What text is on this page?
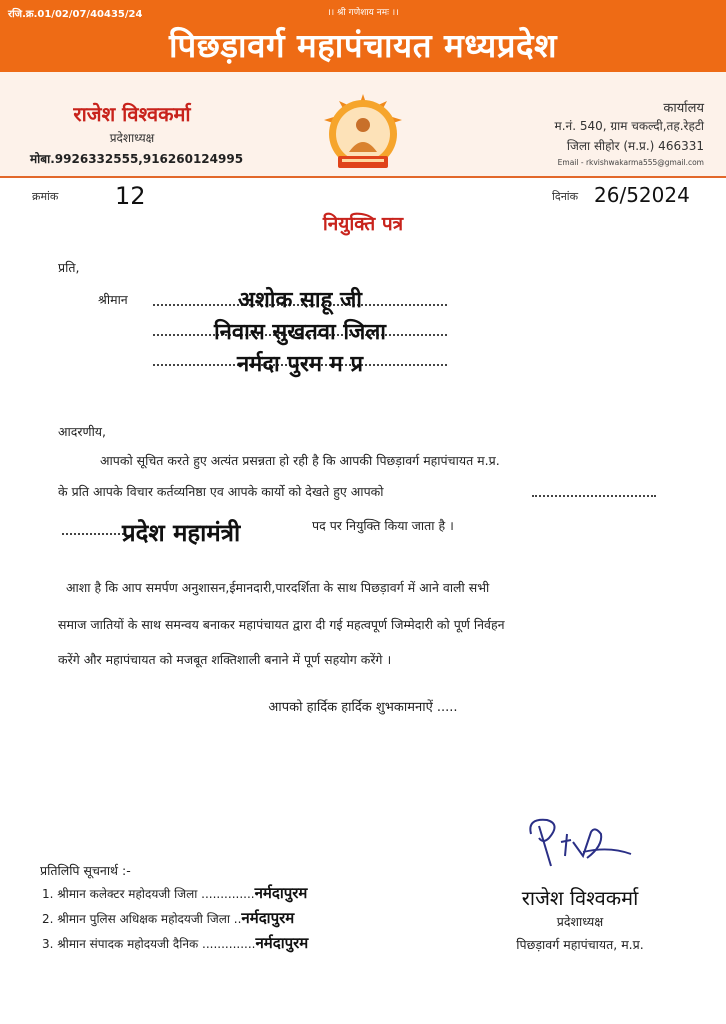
रजि.क्र.01/02/07/40435/24	।। श्री गणेशाय नमः ।।
पिछड़ावर्ग महापंचायत मध्यप्रदेश
राजेश विश्वकर्मा
प्रदेशाध्यक्ष
मोबा.9926332555,916260124995
कार्यालय
म.नं. 540, ग्राम चकल्दी,तह.रेहटी
जिला सीहोर (म.प्र.) 466331
Email - rkvishwakarma555@gmail.com
क्रमांक 12	दिनांक 26/52024
नियुक्ति पत्र
प्रति,
श्रीमान	अशोक साहू जी
निवास सुखतवा जिला
नर्मदा पुरम म प्र
आदरणीय,
आपको सूचित करते हुए अत्यंत प्रसन्नता हो रही है कि आपकी पिछड़ावर्ग महापंचायत म.प्र.
के प्रति आपके विचार कर्तव्यनिष्ठा एव आपके कार्यो को देखते हुए आपको
प्रदेश महामंत्री	पद पर नियुक्ति किया जाता है ।
आशा है कि आप समर्पण अनुशासन,ईमानदारी,पारदर्शिता के साथ पिछड़ावर्ग में आने वाली सभी
समाज जातियों के साथ समन्वय बनाकर महापंचायत द्वारा दी गई महत्वपूर्ण जिम्मेदारी को पूर्ण निर्वहन
करेंगे और महापंचायत को मजबूत शक्तिशाली बनाने में पूर्ण सहयोग करेंगे ।
आपको हार्दिक हार्दिक शुभकामनाऐं .....
प्रतिलिपि सूचनार्थ :-
1. श्रीमान कलेक्टर महोदयजी जिला ..............नर्मदापुरम
2. श्रीमान पुलिस अधिक्षक महोदयजी जिला ..नर्मदापुरम
3. श्रीमान संपादक महोदयजी दैनिक ..............नर्मदापुरम
राजेश विश्वकर्मा
प्रदेशाध्यक्ष
पिछड़ावर्ग महापंचायत, म.प्र.
